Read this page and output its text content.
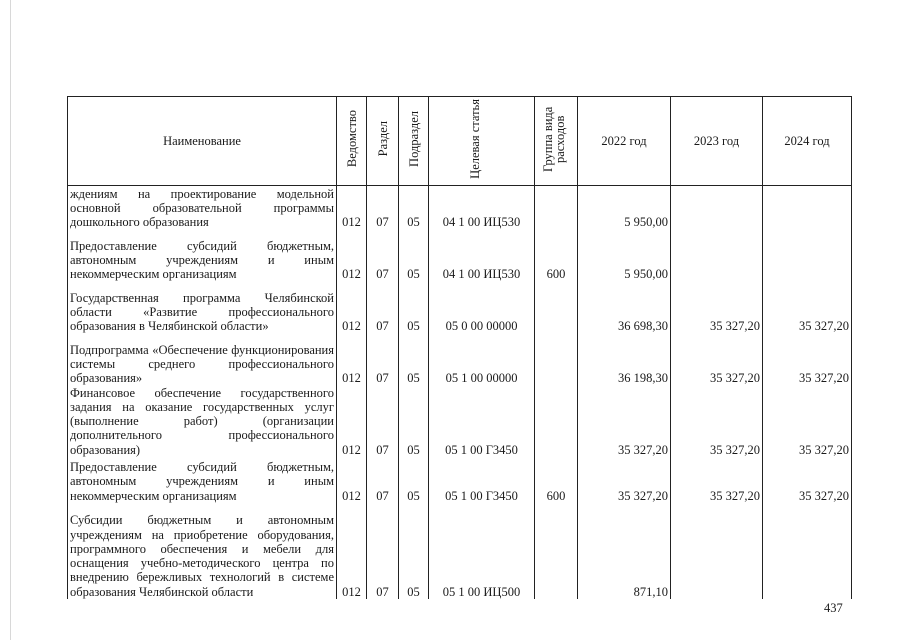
Наименование	Ведомство	Раздел	Подраздел	Целевая статья	Группа вида расходов	2022 год	2023 год	2024 год
ждениям на проектирование модельной основной образовательной программы дошкольного образования	012	07	05	04 1 00 ИЦ530		5 950,00		
Предоставление субсидий бюджетным, автономным учреждениям и иным некоммерческим организациям	012	07	05	04 1 00 ИЦ530	600	5 950,00		
Государственная программа Челябинской области «Развитие профессионального образования в Челябинской области»	012	07	05	05 0 00 00000		36 698,30	35 327,20	35 327,20
Подпрограмма «Обеспечение функционирования системы среднего профессионального образования»	012	07	05	05 1 00 00000		36 198,30	35 327,20	35 327,20
Финансовое обеспечение государственного задания на оказание государственных услуг (выполнение работ) (организации дополнительного профессионального образования)	012	07	05	05 1 00 Г3450		35 327,20	35 327,20	35 327,20
Предоставление субсидий бюджетным, автономным учреждениям и иным некоммерческим организациям	012	07	05	05 1 00 Г3450	600	35 327,20	35 327,20	35 327,20
Субсидии бюджетным и автономным учреждениям на приобретение оборудования, программного обеспечения и мебели для оснащения учебно-методического центра по внедрению бережливых технологий в системе образования Челябинской области	012	07	05	05 1 00 ИЦ500		871,10		
437
